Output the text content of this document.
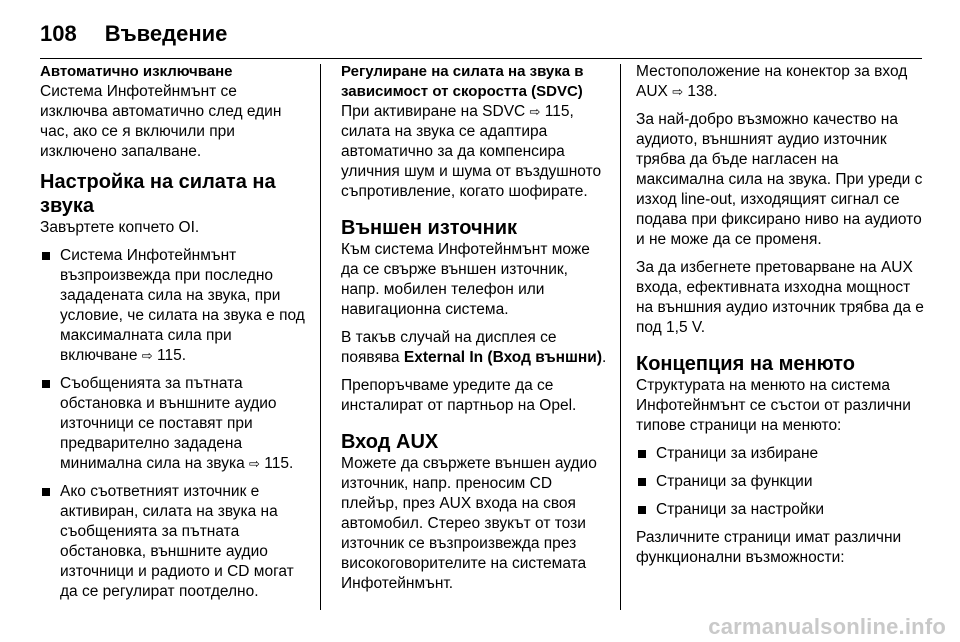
108 Въведение
Автоматично изключване

Система Инфотейнмънт се изключва автоматично след един час, ако се я включили при изключено запалване.

Настройка на силата на звука

Завъртете копчето OI.

Система Инфотейнмънт възпроизвежда при последно зададената сила на звука, при условие, че силата на звука е под максималната сила при включване ⇨ 115.
Съобщенията за пътната обстановка и външните аудио източници се поставят при предварително зададена минимална сила на звука ⇨ 115.
Ако съответният източник е активиран, силата на звука на съобщенията за пътната обстановка, външните аудио източници и радиото и CD могат да се регулират поотделно.
Регулиране на силата на звука в зависимост от скоростта (SDVC)

При активиране на SDVC ⇨ 115, силата на звука се адаптира автоматично за да компенсира уличния шум и шума от въздушното съпротивление, когато шофирате.

Външен източник

Към система Инфотейнмънт може да се свърже външен източник, напр. мобилен телефон или навигационна система.

В такъв случай на дисплея се появява External In (Вход външни).

Препоръчваме уредите да се инсталират от партньор на Opel.

Вход AUX

Можете да свържете външен аудио източник, напр. преносим CD плейър, през AUX входа на своя автомобил. Стерео звукът от този източник се възпроизвежда през високоговорителите на системата Инфотейнмънт.

Местоположение на конектор за вход AUX ⇨ 138.

За най-добро възможно качество на аудиото, външният аудио източник трябва да бъде нагласен на максимална сила на звука. При уреди с изход line-out, изходящият сигнал се подава при фиксирано ниво на аудиото и не може да се променя.

За да избегнете претоварване на AUX входа, ефективната изходна мощност на външния аудио източник трябва да е под 1,5 V.

Концепция на менюто

Структурата на менюто на система Инфотейнмънт се състои от различни типове страници на менюто:

Страници за избиране
Страници за функции
Страници за настройки

Различните страници имат различни функционални възможности:

carmanualsonline.info
